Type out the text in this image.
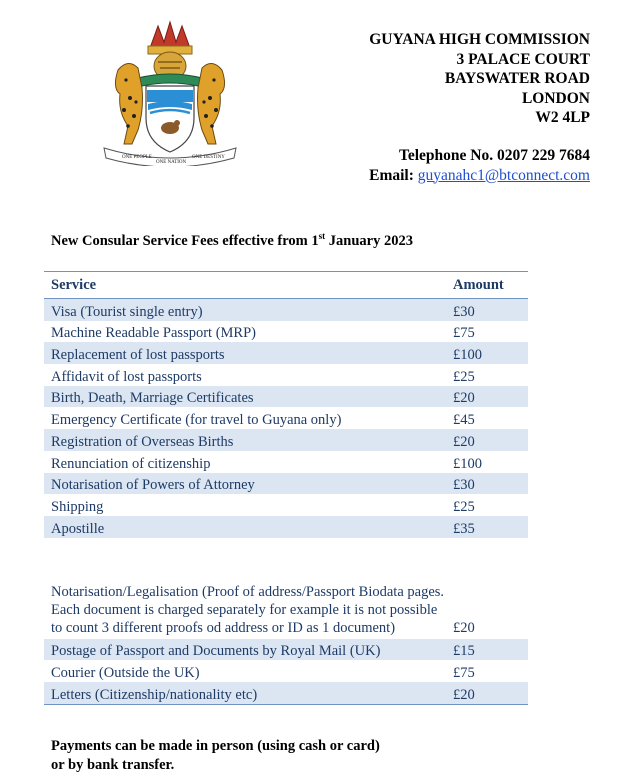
ONE PEOPLE
ONE NATION
ONE DESTINY
GUYANA HIGH COMMISSION
3 PALACE COURT
BAYSWATER ROAD
LONDON
W2 4LP
Telephone No. 0207 229 7684
Email: guyanahc1@btconnect.com
New Consular Service Fees effective from 1st January 2023
Service	Amount
Visa (Tourist single entry)	£30
Machine Readable Passport (MRP)	£75
Replacement of lost passports	£100
Affidavit of lost passports	£25
Birth, Death, Marriage Certificates	£20
Emergency Certificate (for travel to Guyana only)	£45
Registration of Overseas Births	£20
Renunciation of citizenship	£100
Notarisation of Powers of Attorney	£30
Shipping	£25
Apostille	£35
Notarisation/Legalisation (Proof of address/Passport Biodata pages. Each document is charged separately for example it is not possible to count 3 different proofs od address or ID as 1 document)	£20
Postage of Passport and Documents by Royal Mail (UK)	£15
Courier (Outside the UK)	£75
Letters (Citizenship/nationality etc)	£20
Payments can be made in person (using cash or card)
or by bank transfer.
